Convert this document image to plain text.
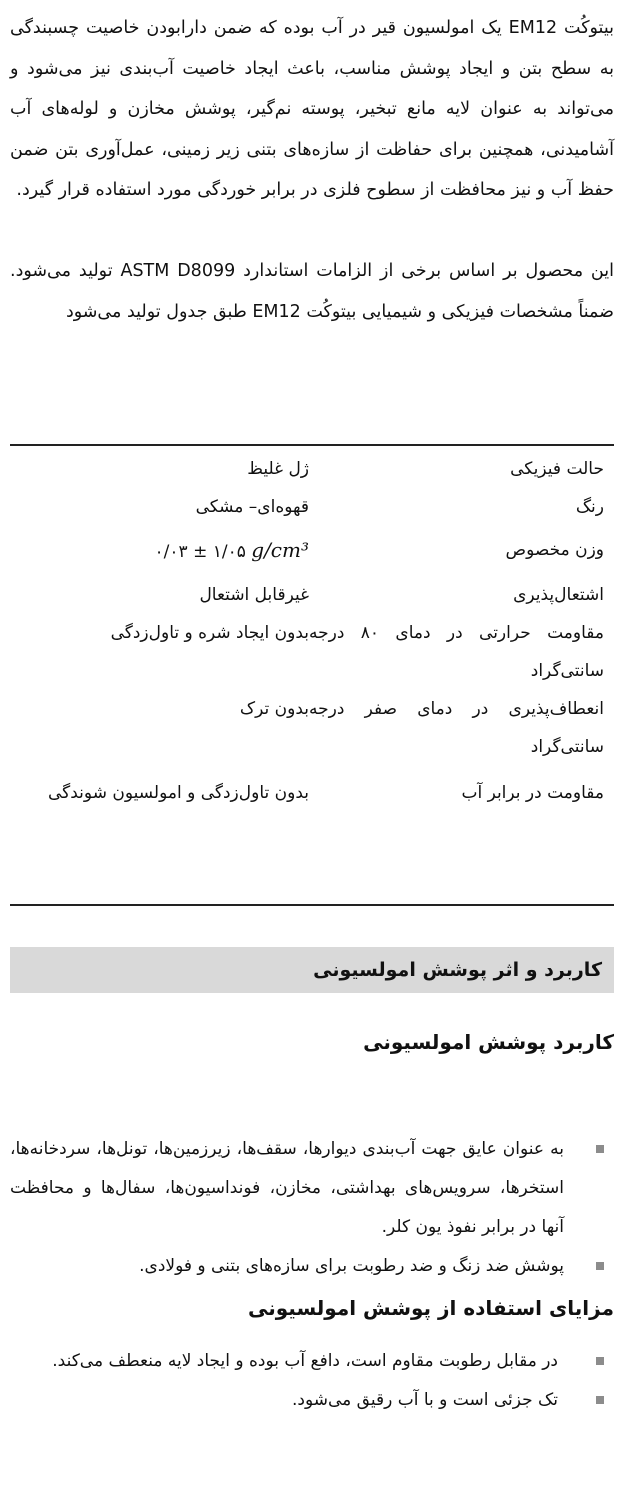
بیتوکُت EM12 یک امولسیون قیر در آب بوده که ضمن دارابودن خاصیت چسبندگی به سطح بتن و ایجاد پوشش مناسب، باعث ایجاد خاصیت آب‌بندی نیز می‌شود و می‌تواند به عنوان لایه مانع تبخیر، پوسته نم‌گیر، پوشش مخازن و لوله‌های آب آشامیدنی، همچنین برای حفاظت از سازه‌های بتنی زیر زمینی، عمل‌آوری بتن ضمن حفظ آب و نیز محافظت از سطوح فلزی در برابر خوردگی مورد استفاده قرار گیرد.
این محصول بر اساس برخی از الزامات استاندارد ASTM D8099 تولید می‌شود. ضمناً مشخصات فیزیکی و شیمیایی بیتوکُت EM12 طبق جدول تولید می‌شود
حالت فیزیکی	ژل غلیظ
رنگ	قهوه‌ای– مشکی
وزن مخصوص	g/cm³ ۱/۰۵ ± ۰/۰۳
اشتعال‌پذیری	غیرقابل اشتعال
مقاومت حرارتی در دمای ۸۰ درجه سانتی‌گراد	بدون ایجاد شره و تاول‌زدگی
انعطاف‌پذیری در دمای صفر درجه سانتی‌گراد	بدون ترک
مقاومت در برابر آب	بدون تاول‌زدگی و امولسیون شوندگی
کاربرد و اثر پوشش امولسیونی
کاربرد پوشش امولسیونی
به عنوان عایق جهت آب‌بندی دیوارها، سقف‌ها، زیرزمین‌ها، تونل‌ها، سردخانه‌ها، استخرها، سرویس‌های بهداشتی، مخازن، فونداسیون‌ها، سفال‌ها و محافظت آنها در برابر نفوذ یون کلر.
پوشش ضد زنگ و ضد رطوبت برای سازه‌های بتنی و فولادی.
مزایای استفاده از پوشش امولسیونی
در مقابل رطوبت مقاوم است، دافع آب بوده و ایجاد لایه منعطف می‌کند.
تک جزئی است و با آب رقیق می‌شود.
